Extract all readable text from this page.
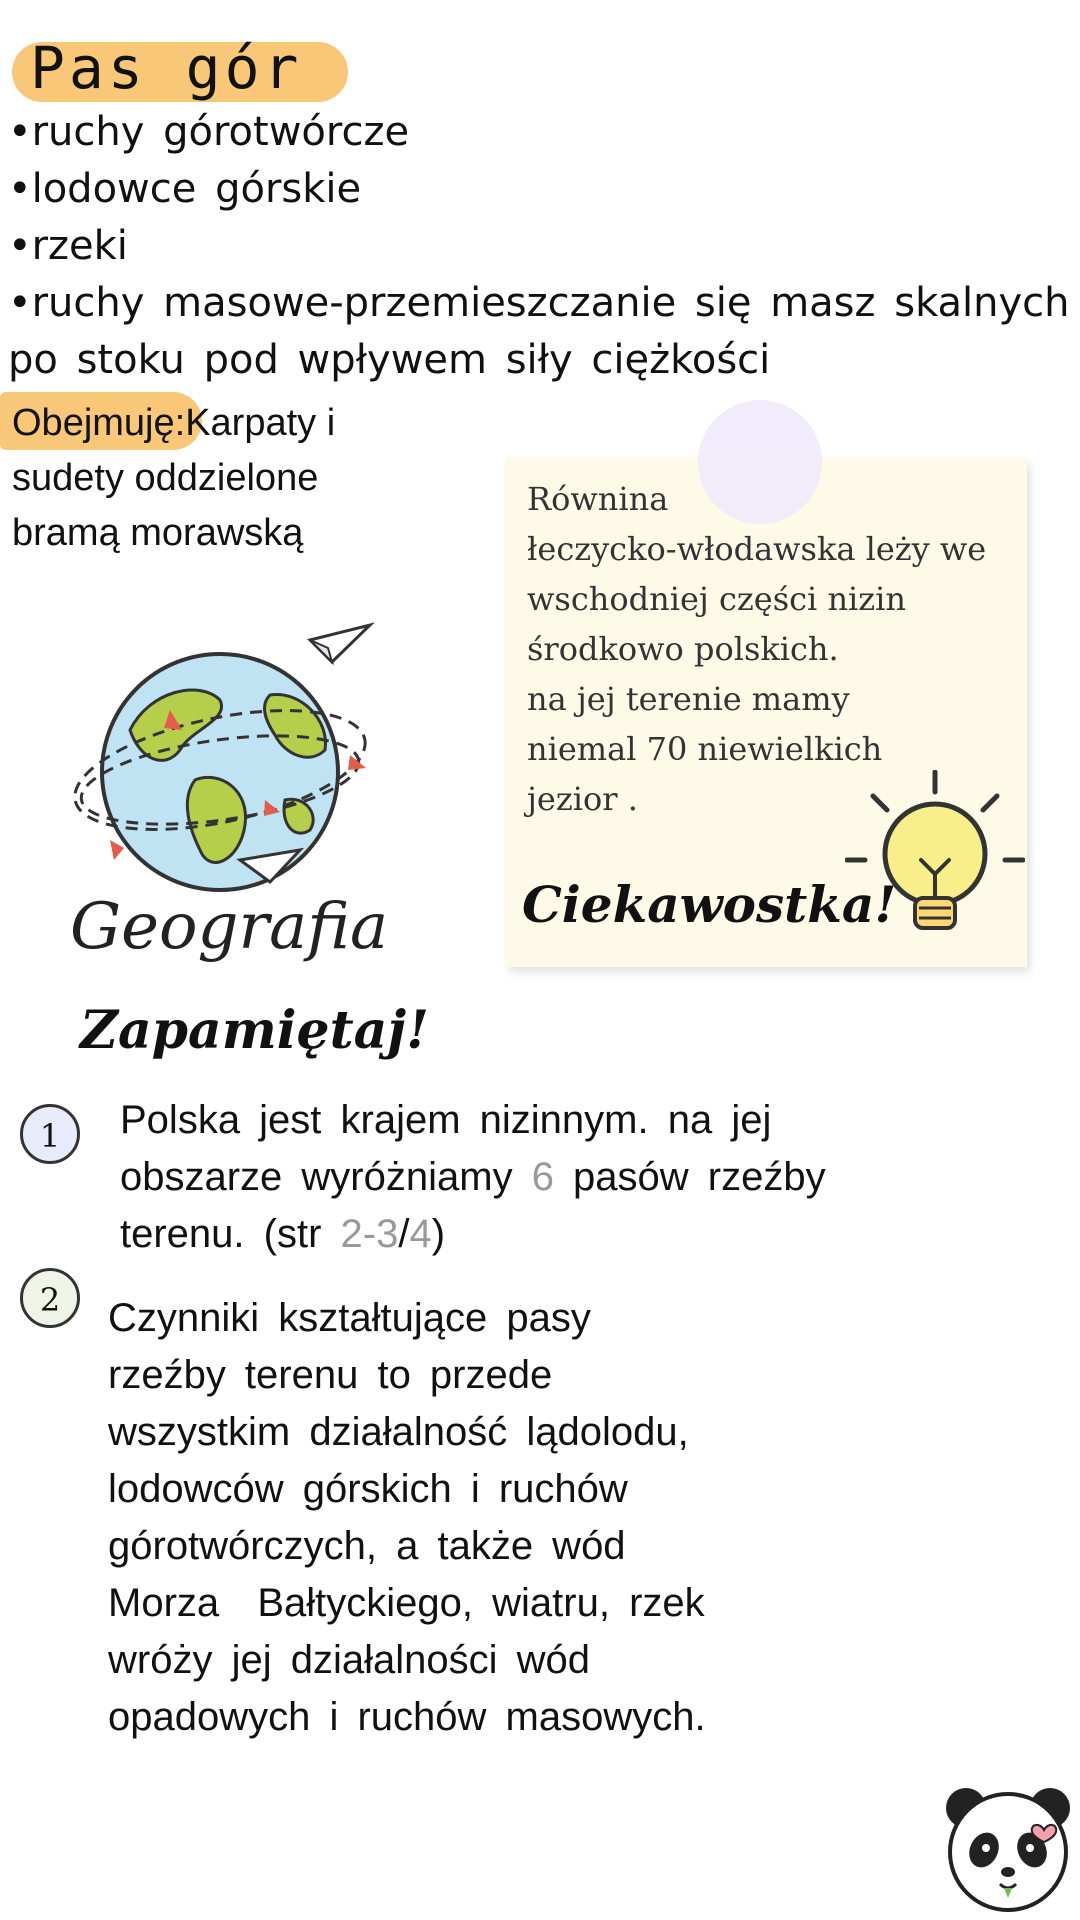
Pas gór
•ruchy górotwórcze
•lodowce górskie
•rzeki
•ruchy masowe-przemieszczanie się masz skalnych
po stoku pod wpływem siły ciężkości
Obejmuję:Karpaty i
sudety oddzielone
bramą morawską
Równina
łeczycko-włodawska leży we
wschodniej części nizin
środkowo polskich.
na jej terenie mamy
niemal 70 niewielkich
jezior .
Ciekawostka!
Geografia
Zapamiętaj!
1	Polska jest krajem nizinnym. na jej
obszarze wyróżniamy 6 pasów rzeźby
terenu. (str 2-3/4)
2	Czynniki kształtujące pasy
rzeźby terenu to przede
wszystkim działalność lądolodu,
lodowców górskich i ruchów
górotwórczych, a także wód
Morza  Bałtyckiego, wiatru, rzek
wróży jej działalności wód
opadowych i ruchów masowych.
